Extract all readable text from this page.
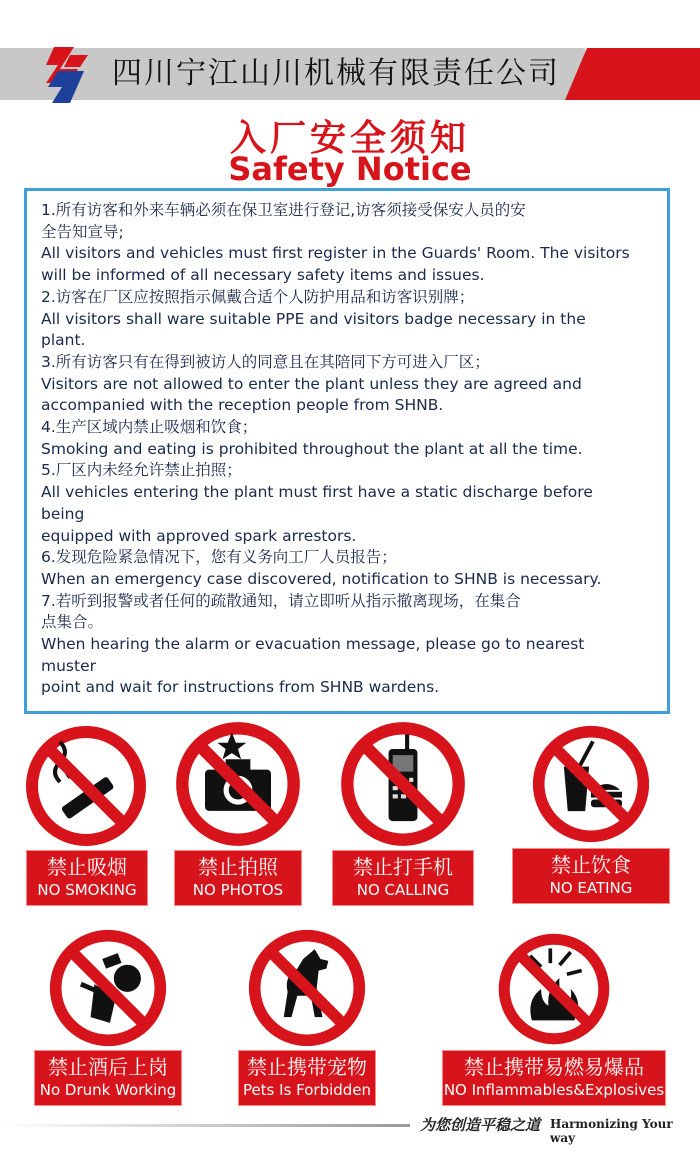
四川宁江山川机械有限责任公司
入厂安全须知
Safety Notice
1.所有访客和外来车辆必须在保卫室进行登记,访客须接受保安人员的安
全告知宣导;
All visitors and vehicles must first register in the Guards' Room. The visitors
will be informed of all necessary safety items and issues.
2.访客在厂区应按照指示佩戴合适个人防护用品和访客识别牌；
All visitors shall ware suitable PPE and visitors badge necessary in the
plant.
3.所有访客只有在得到被访人的同意且在其陪同下方可进入厂区；
Visitors are not allowed to enter the plant unless they are agreed and
accompanied with the reception people from SHNB.
4.生产区域内禁止吸烟和饮食；
Smoking and eating is prohibited throughout the plant at all the time.
5.厂区内未经允许禁止拍照；
All vehicles entering the plant must first have a static discharge before
being
equipped with approved spark arrestors.
6.发现危险紧急情况下，您有义务向工厂人员报告；
When an emergency case discovered, notification to SHNB is necessary.
7.若听到报警或者任何的疏散通知，请立即听从指示撤离现场，在集合
点集合。
When hearing the alarm or evacuation message, please go to nearest
muster
point and wait for instructions from SHNB wardens.
禁止吸烟
NO SMOKING
禁止拍照
NO PHOTOS
禁止打手机
NO CALLING
禁止饮食
NO EATING
禁止酒后上岗
No Drunk Working
禁止携带宠物
Pets Is Forbidden
禁止携带易燃易爆品
NO Inflammables&Explosives
为您创造平稳之道 Harmonizing Your way
